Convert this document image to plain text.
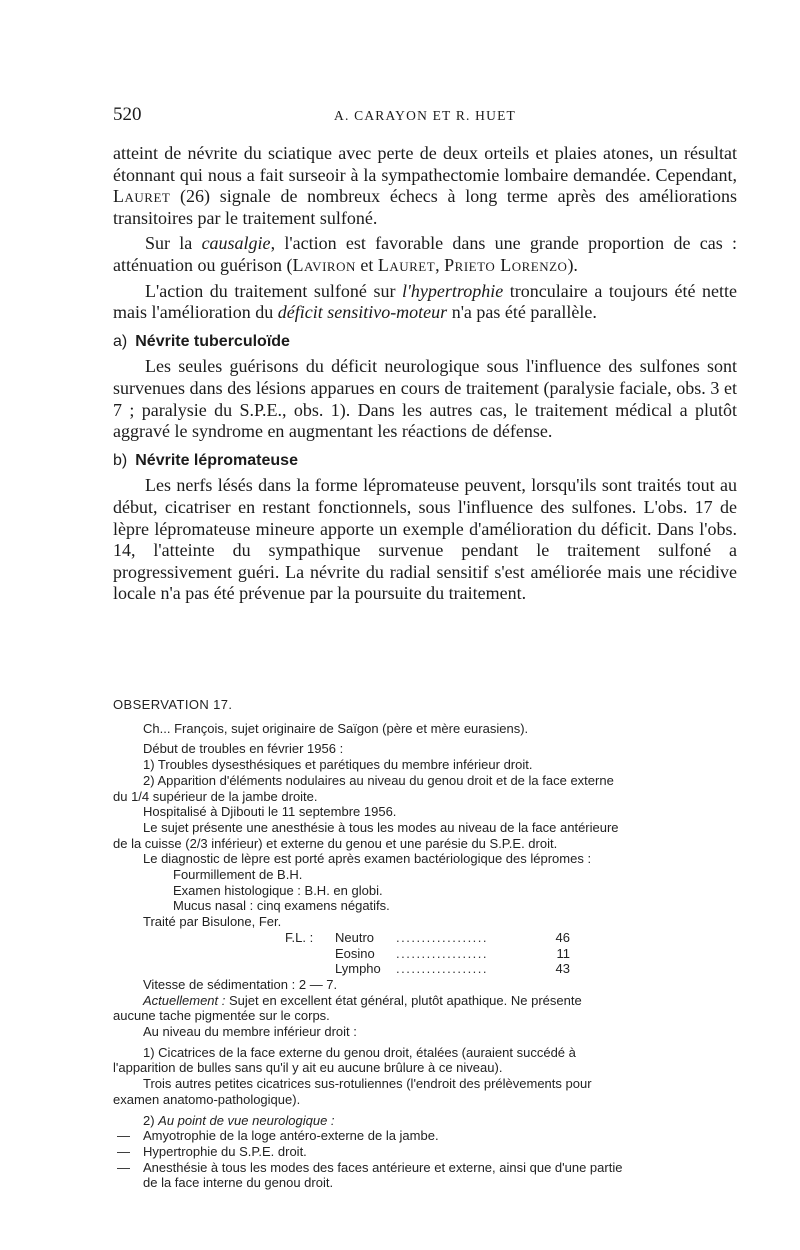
520	A. CARAYON ET R. HUET

atteint de névrite du sciatique avec perte de deux orteils et plaies atones, un résultat étonnant qui nous a fait surseoir à la sympathectomie lombaire demandée. Cependant, Lauret (26) signale de nombreux échecs à long terme après des améliorations transitoires par le traitement sulfoné.

Sur la causalgie, l'action est favorable dans une grande proportion de cas : atténuation ou guérison (Laviron et Lauret, Prieto Lorenzo).

L'action du traitement sulfoné sur l'hypertrophie tronculaire a toujours été nette mais l'amélioration du déficit sensitivo-moteur n'a pas été parallèle.

a) Névrite tuberculoïde

Les seules guérisons du déficit neurologique sous l'influence des sulfones sont survenues dans des lésions apparues en cours de traitement (paralysie faciale, obs. 3 et 7 ; paralysie du S.P.E., obs. 1). Dans les autres cas, le traitement médical a plutôt aggravé le syndrome en augmentant les réactions de défense.

b) Névrite lépromateuse

Les nerfs lésés dans la forme lépromateuse peuvent, lorsqu'ils sont traités tout au début, cicatriser en restant fonctionnels, sous l'influence des sulfones. L'obs. 17 de lèpre lépromateuse mineure apporte un exemple d'amélioration du déficit. Dans l'obs. 14, l'atteinte du sympathique survenue pendant le traitement sulfoné a progressivement guéri. La névrite du radial sensitif s'est améliorée mais une récidive locale n'a pas été prévenue par la poursuite du traitement.

OBSERVATION 17.
Ch... François, sujet originaire de Saïgon (père et mère eurasiens).
Début de troubles en février 1956 :
1) Troubles dysesthésiques et parétiques du membre inférieur droit.
2) Apparition d'éléments nodulaires au niveau du genou droit et de la face externe
du 1/4 supérieur de la jambe droite.
Hospitalisé à Djibouti le 11 septembre 1956.
Le sujet présente une anesthésie à tous les modes au niveau de la face antérieure
de la cuisse (2/3 inférieur) et externe du genou et une parésie du S.P.E. droit.
Le diagnostic de lèpre est porté après examen bactériologique des lépromes :
Fourmillement de B.H.
Examen histologique : B.H. en globi.
Mucus nasal : cinq examens négatifs.
Traité par Bisulone, Fer.
F.L. : Neutro ..................	46
Eosino ..................	11
Lympho ..................	43
Vitesse de sédimentation : 2 — 7.
Actuellement : Sujet en excellent état général, plutôt apathique. Ne présente
aucune tache pigmentée sur le corps.
Au niveau du membre inférieur droit :
1) Cicatrices de la face externe du genou droit, étalées (auraient succédé à
l'apparition de bulles sans qu'il y ait eu aucune brûlure à ce niveau).
Trois autres petites cicatrices sus-rotuliennes (l'endroit des prélèvements pour
examen anatomo-pathologique).
2) Au point de vue neurologique :
— Amyotrophie de la loge antéro-externe de la jambe.
— Hypertrophie du S.P.E. droit.
— Anesthésie à tous les modes des faces antérieure et externe, ainsi que d'une partie
de la face interne du genou droit.
